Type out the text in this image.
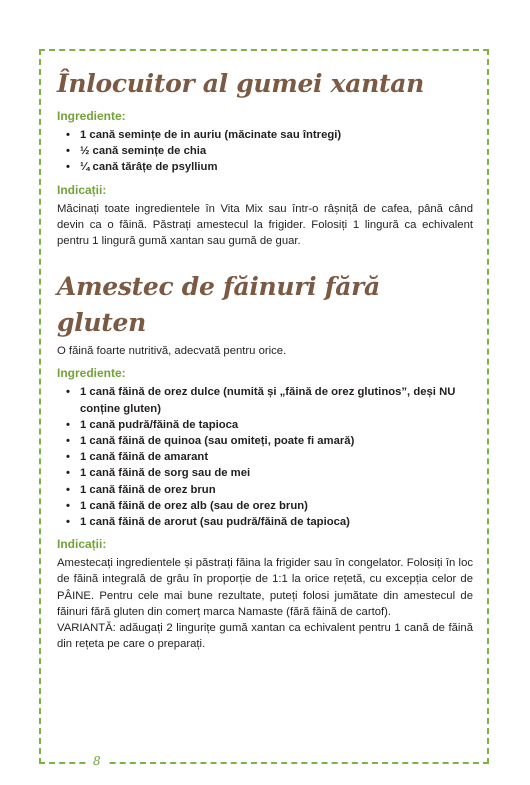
Înlocuitor al gumei xantan
Ingrediente:
• 1 cană semințe de in auriu (măcinate sau întregi)
• ½ cană semințe de chia
• ¼ cană tărâțe de psyllium
Indicații:

Măcinați toate ingredientele în Vita Mix sau într-o râșniță de cafea, până când devin ca o făină. Păstrați amestecul la frigider. Folosiți 1 lingură ca echivalent pentru 1 lingură gumă xantan sau gumă de guar.

Amestec de făinuri fără gluten

O făină foarte nutritivă, adecvată pentru orice.

Ingrediente:
• 1 cană făină de orez dulce (numită și „făină de orez glutinos”, deși NU conține gluten)
• 1 cană pudră/făină de tapioca
• 1 cană făină de quinoa (sau omiteți, poate fi amară)
• 1 cană făină de amarant
• 1 cană făină de sorg sau de mei
• 1 cană făină de orez brun
• 1 cană făină de orez alb (sau de orez brun)
• 1 cană făină de arorut (sau pudră/făină de tapioca)
Indicații:

Amestecați ingredientele și păstrați făina la frigider sau în congelator. Folosiți în loc de făină integrală de grâu în proporție de 1:1 la orice rețetă, cu excepția celor de PÂINE. Pentru cele mai bune rezultate, puteți folosi jumătate din amestecul de făinuri fără gluten din comerț marca Namaste (fără făină de cartof).

VARIANTĂ: adăugați 2 lingurițe gumă xantan ca echivalent pentru 1 cană de făină din rețeta pe care o preparați.

8
